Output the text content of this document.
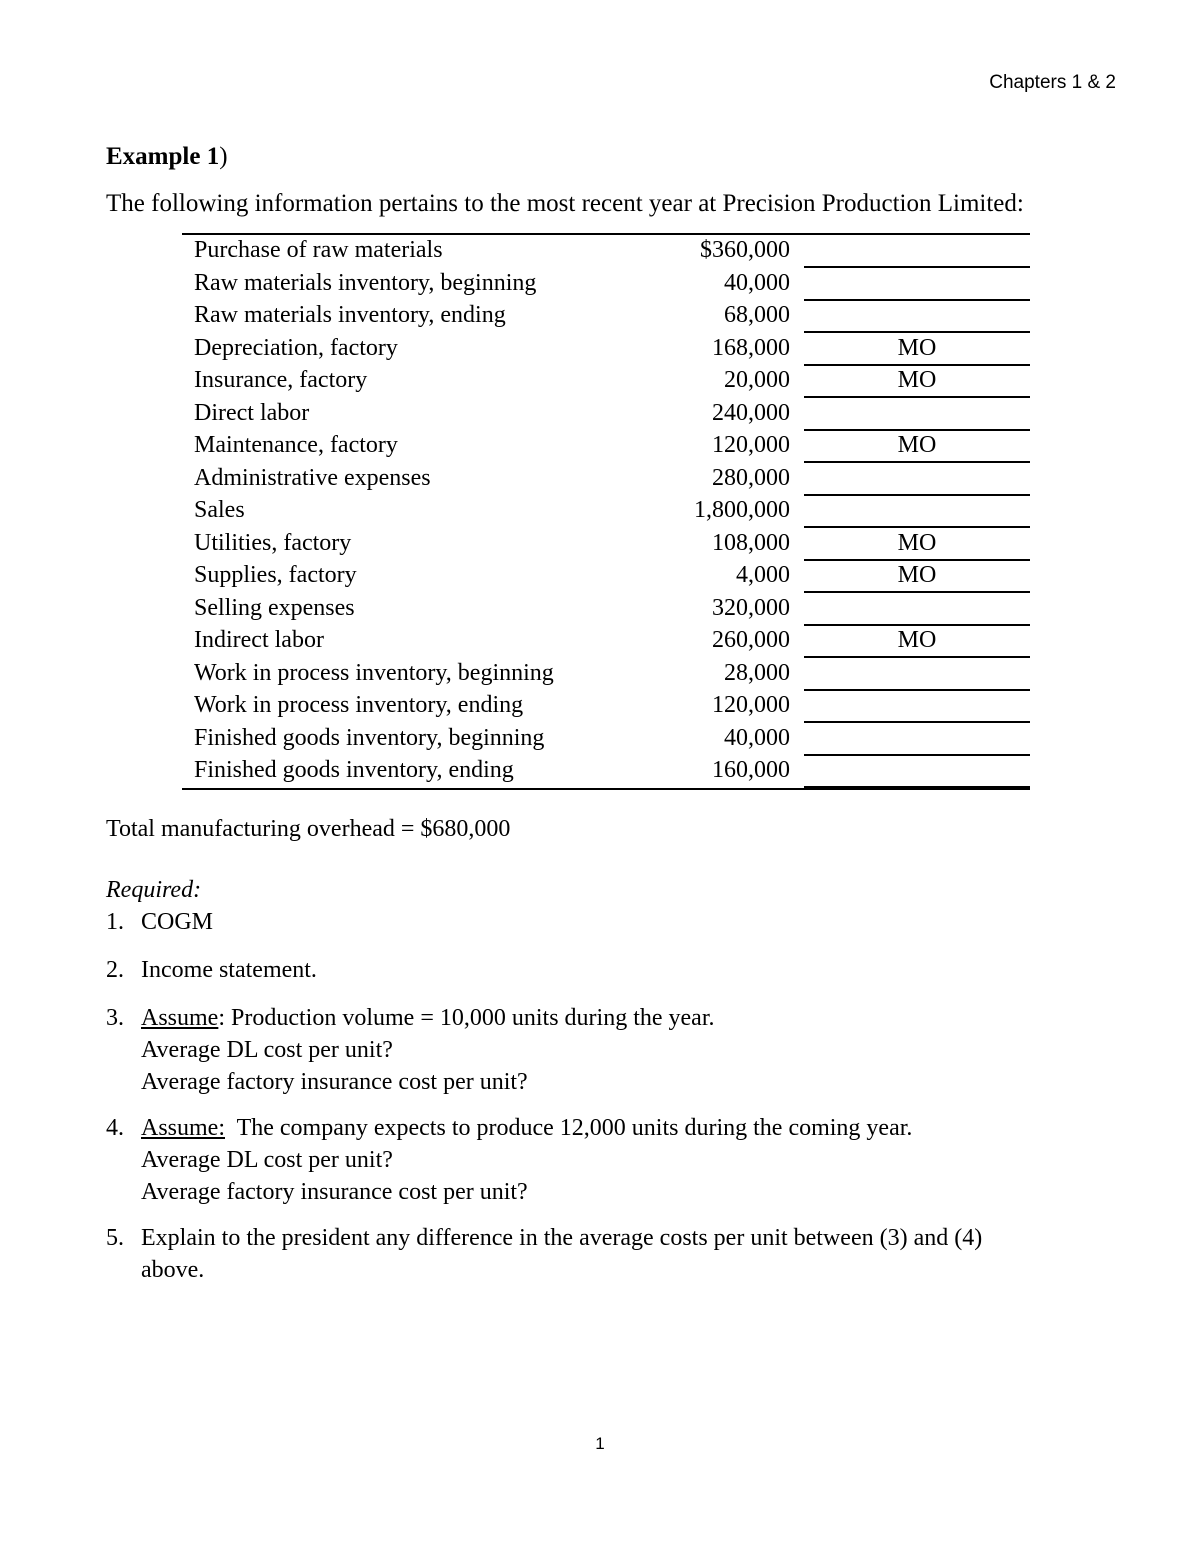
Chapters 1 & 2
Example 1)
The following information pertains to the most recent year at Precision Production Limited:
Purchase of raw materials	$360,000
Raw materials inventory, beginning	40,000
Raw materials inventory, ending	68,000
Depreciation, factory	168,000	MO
Insurance, factory	20,000	MO
Direct labor	240,000
Maintenance, factory	120,000	MO
Administrative expenses	280,000
Sales	1,800,000
Utilities, factory	108,000	MO
Supplies, factory	4,000	MO
Selling expenses	320,000
Indirect labor	260,000	MO
Work in process inventory, beginning	28,000
Work in process inventory, ending	120,000
Finished goods inventory, beginning	40,000
Finished goods inventory, ending	160,000
Total manufacturing overhead = $680,000
Required:
1. COGM
2. Income statement.
3. Assume: Production volume = 10,000 units during the year.
Average DL cost per unit?
Average factory insurance cost per unit?
4. Assume:  The company expects to produce 12,000 units during the coming year.
Average DL cost per unit?
Average factory insurance cost per unit?
5. Explain to the president any difference in the average costs per unit between (3) and (4)
above.
1
